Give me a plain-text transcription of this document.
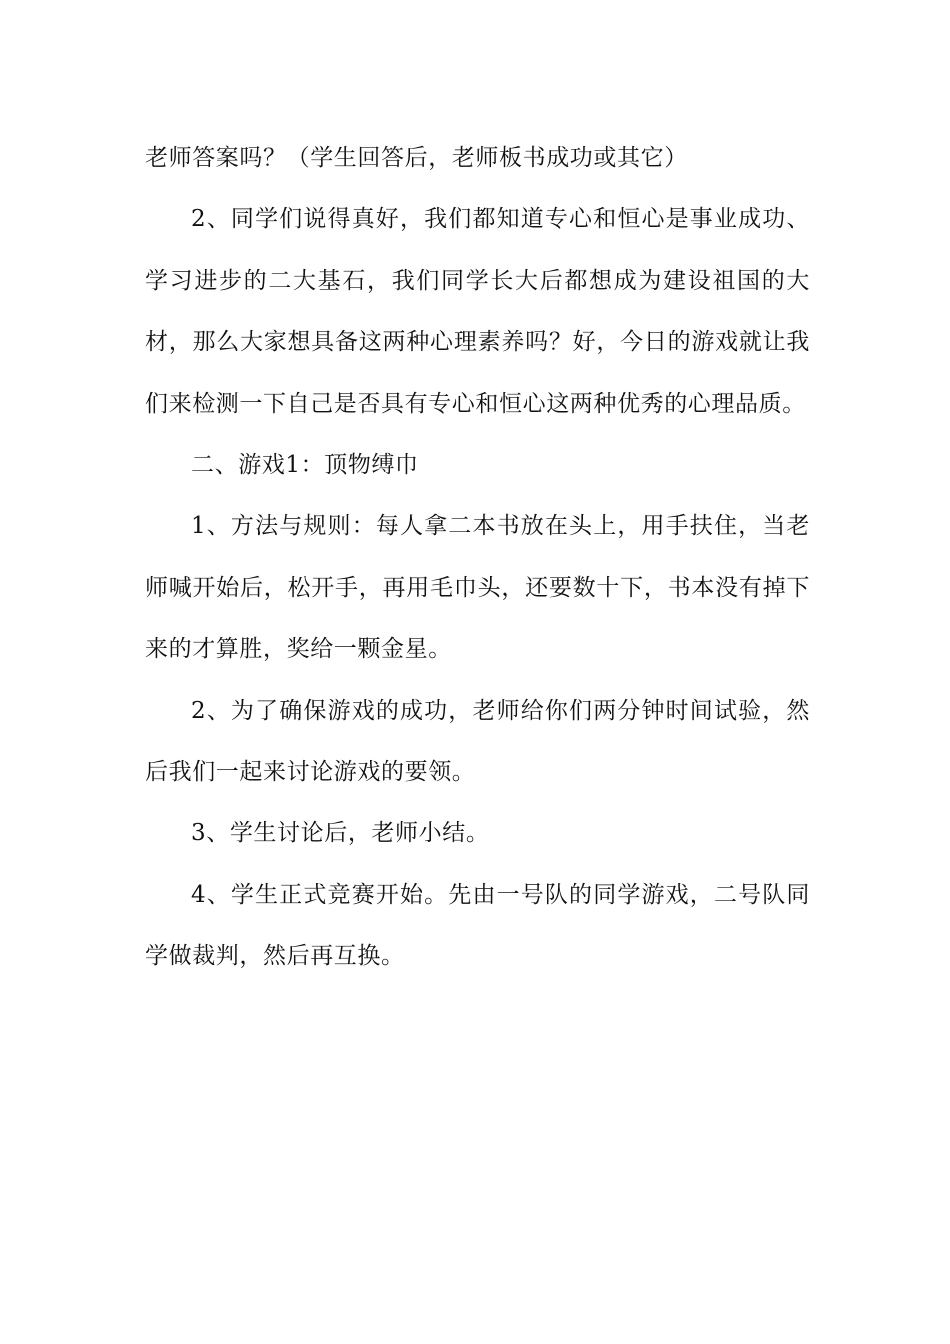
老师答案吗？（学生回答后，老师板书成功或其它）

2、同学们说得真好，我们都知道专心和恒心是事业成功、学习进步的二大基石，我们同学长大后都想成为建设祖国的大材，那么大家想具备这两种心理素养吗？好，今日的游戏就让我们来检测一下自己是否具有专心和恒心这两种优秀的心理品质。

二、游戏1：顶物缚巾

1、方法与规则：每人拿二本书放在头上，用手扶住，当老师喊开始后，松开手，再用毛巾头，还要数十下，书本没有掉下来的才算胜，奖给一颗金星。

2、为了确保游戏的成功，老师给你们两分钟时间试验，然后我们一起来讨论游戏的要领。

3、学生讨论后，老师小结。

4、学生正式竞赛开始。先由一号队的同学游戏，二号队同学做裁判，然后再互换。
